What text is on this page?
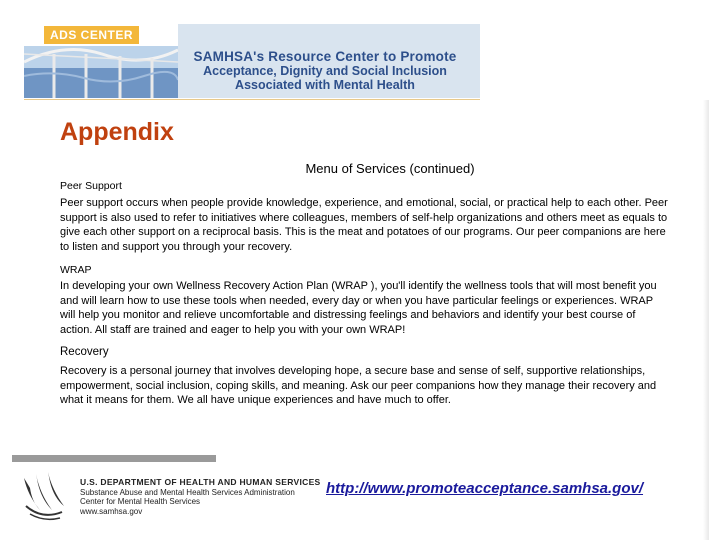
ADS CENTER
SAMHSA's Resource Center to Promote
Acceptance, Dignity and Social Inclusion
Associated with Mental Health
Appendix
Menu of Services (continued)
Peer Support
Peer support occurs when people provide knowledge, experience, and emotional, social, or practical help to each other. Peer support is also used to refer to initiatives where colleagues, members of self-help organizations and others meet as equals to give each other support on a reciprocal basis. This is the meat and potatoes of our programs. Our peer companions are here to listen and support you through your recovery.
WRAP
In developing your own Wellness Recovery Action Plan (WRAP ), you'll identify the wellness tools that will most benefit you and will learn how to use these tools when needed, every day or when you have particular feelings or experiences. WRAP will help you monitor and relieve uncomfortable and distressing feelings and behaviors and identify your best course of action. All staff are trained and eager to help you with your own WRAP!
Recovery
Recovery is a personal journey that involves developing hope, a secure base and sense of self, supportive relationships, empowerment, social inclusion, coping skills, and meaning. Ask our peer companions how they manage their recovery and what it means for them. We all have unique experiences and have much to offer.
U.S. DEPARTMENT OF HEALTH AND HUMAN SERVICES
Substance Abuse and Mental Health Services Administration
Center for Mental Health Services
www.samhsa.gov
http://www.promoteacceptance.samhsa.gov/
